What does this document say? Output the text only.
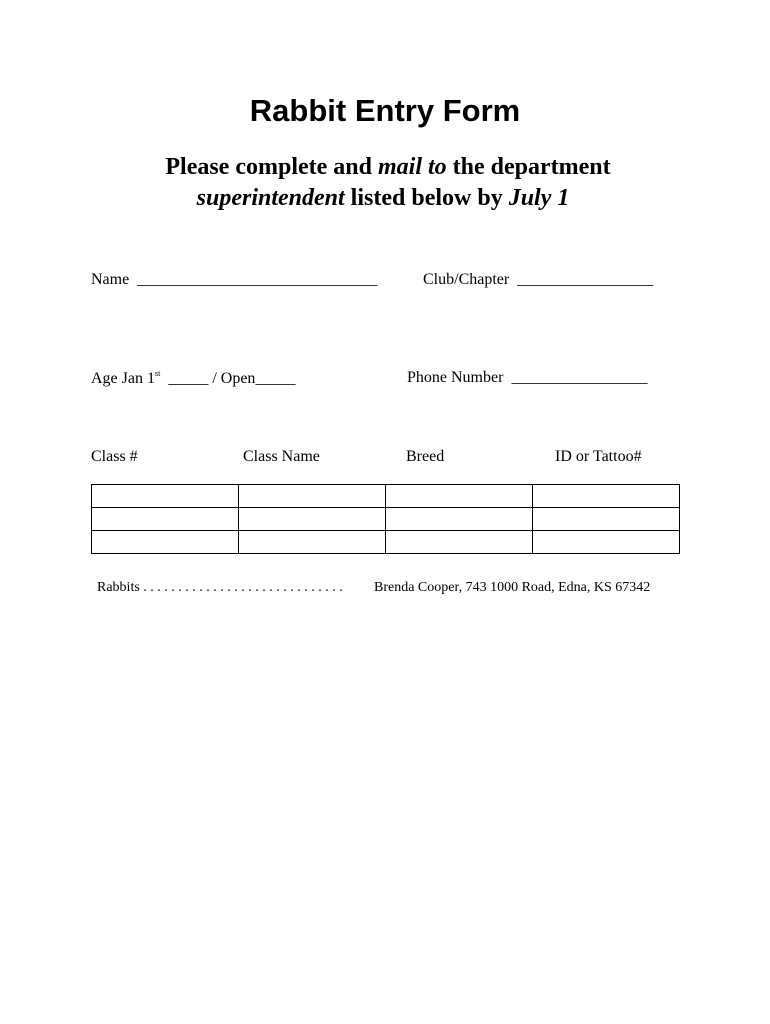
Rabbit Entry Form
Please complete and mail to the department
superintendent listed below by July 1
Name ______________________________	Club/Chapter _________________
Age Jan 1st _____ / Open_____	Phone Number _________________
Class #	Class Name	Breed	ID or Tattoo#

Rabbits . . . . . . . . . . . . . . . . . . . . . . . . . . . . . Brenda Cooper, 743 1000 Road, Edna, KS 67342
